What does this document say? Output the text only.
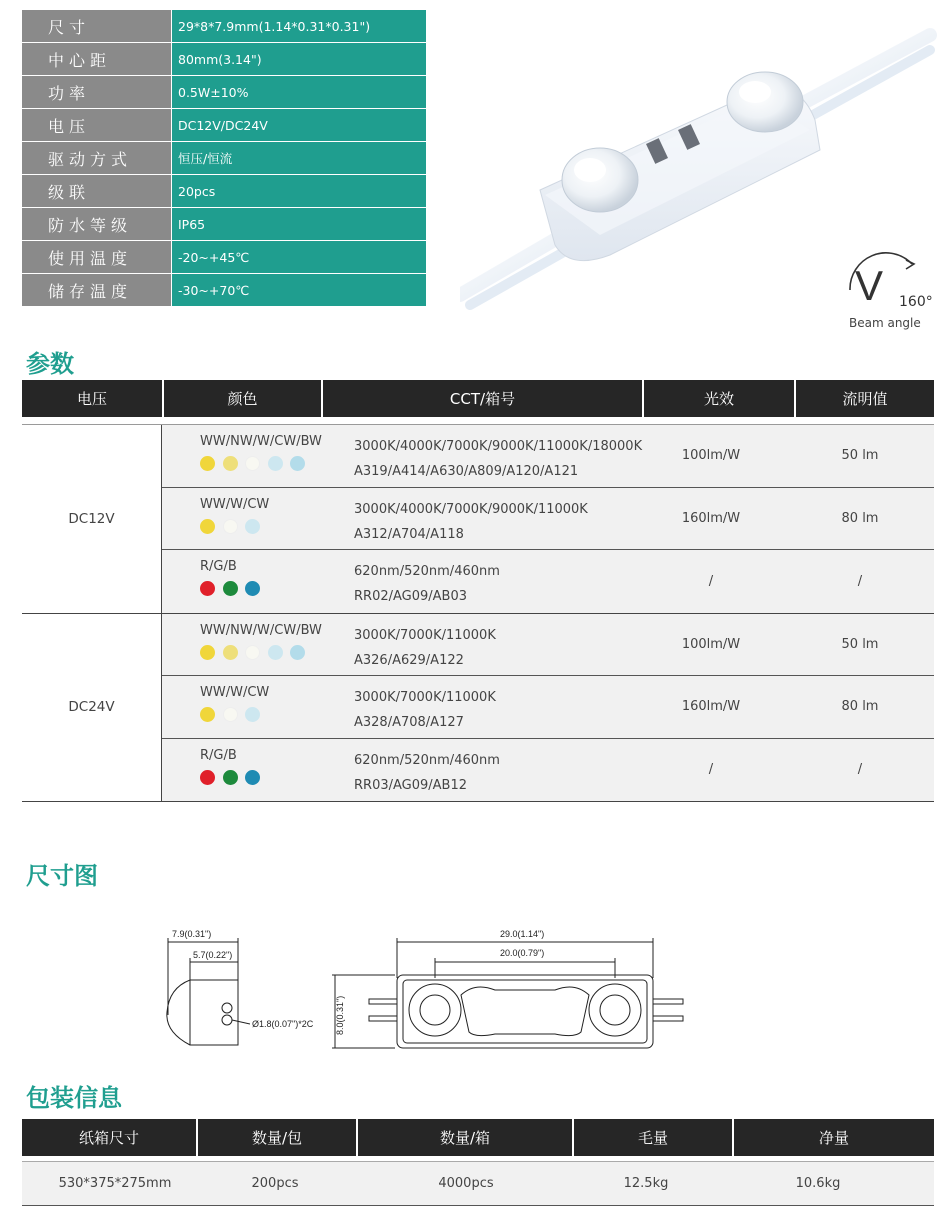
尺寸	29*8*7.9mm(1.14*0.31*0.31")
中心距	80mm(3.14")
功率	0.5W±10%
电压	DC12V/DC24V
驱动方式	恒压/恒流
级联	20pcs
防水等级	IP65
使用温度	-20~+45℃
储存温度	-30~+70℃	V 160°
Beam angle
参数
电压	颜色	CCT/箱号	光效	流明值
DC12V
WW/NW/W/CW/BW 3000K/4000K/7000K/9000K/11000K/18000K
A319/A414/A630/A809/A120/A121
100lm/W	50 lm
WW/W/CW	3000K/4000K/7000K/9000K/11000K
A312/A704/A118
160lm/W	80 lm
R/G/B	620nm/520nm/460nm
RR02/AG09/AB03
/	/
DC24V
WW/NW/W/CW/BW 3000K/7000K/11000K
A326/A629/A122
100lm/W	50 lm
WW/W/CW	3000K/7000K/11000K
A328/A708/A127
160lm/W	80 lm
R/G/B	620nm/520nm/460nm
RR03/AG09/AB12
/	/
尺寸图
7.9(0.31")
5.7(0.22")
Ø1.8(0.07")*2C
29.0(1.14")
20.0(0.79")
8.0(0.31")
包装信息
纸箱尺寸	数量/包	数量/箱	毛量	净量
530*375*275mm	200pcs	4000pcs	12.5kg	10.6kg
